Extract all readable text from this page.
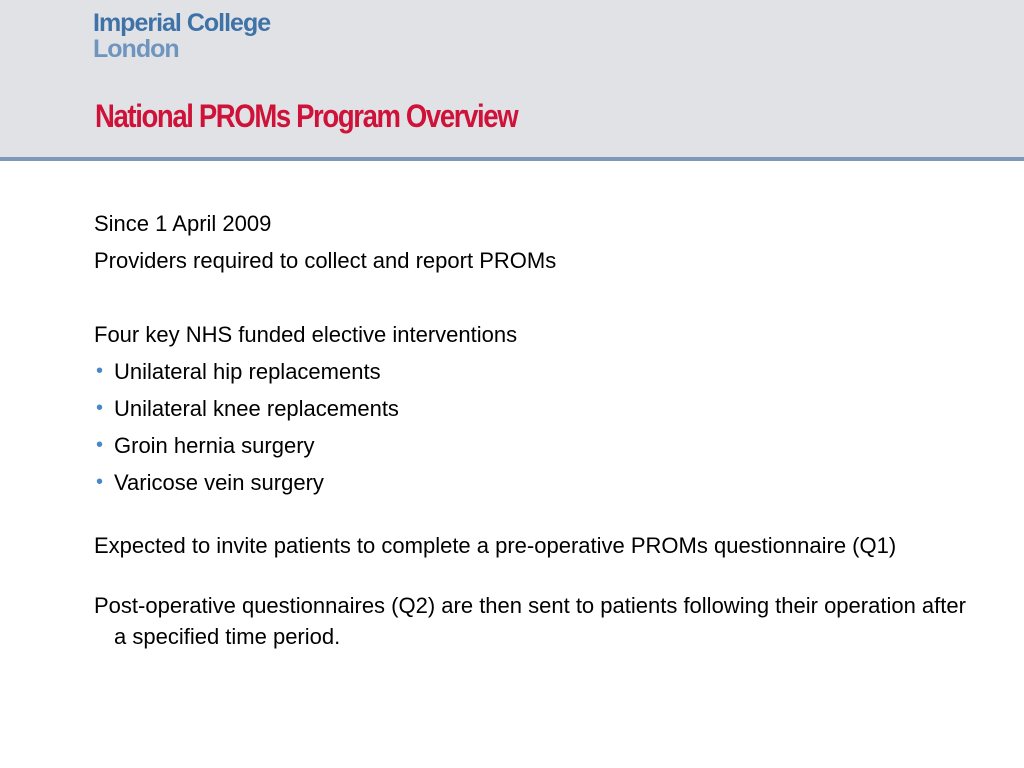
Imperial College
London
National PROMs Program Overview

Since 1 April 2009

Providers required to collect and report PROMs

Four key NHS funded elective interventions

• Unilateral hip replacements

• Unilateral knee replacements

• Groin hernia surgery

• Varicose vein surgery

Expected to invite patients to complete a pre-operative PROMs questionnaire (Q1)

Post-operative questionnaires (Q2) are then sent to patients following their operation after a specified time period.
